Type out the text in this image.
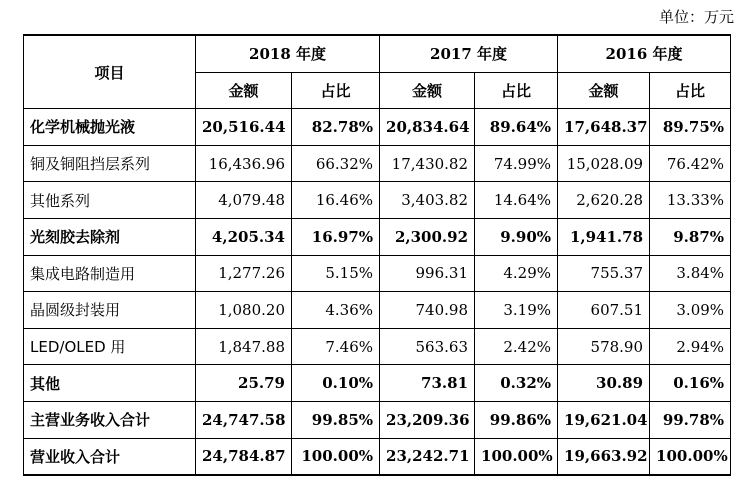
单位：万元
项目	2018 年度		2017 年度		2016 年度	
	金额	占比	金额	占比	金额	占比
化学机械抛光液	20,516.44	82.78%	20,834.64	89.64%	17,648.37	89.75%
铜及铜阻挡层系列	16,436.96	66.32%	17,430.82	74.99%	15,028.09	76.42%
其他系列	4,079.48	16.46%	3,403.82	14.64%	2,620.28	13.33%
光刻胶去除剂	4,205.34	16.97%	2,300.92	9.90%	1,941.78	9.87%
集成电路制造用	1,277.26	5.15%	996.31	4.29%	755.37	3.84%
晶圆级封装用	1,080.20	4.36%	740.98	3.19%	607.51	3.09%
LED/OLED 用	1,847.88	7.46%	563.63	2.42%	578.90	2.94%
其他	25.79	0.10%	73.81	0.32%	30.89	0.16%
主营业务收入合计	24,747.58	99.85%	23,209.36	99.86%	19,621.04	99.78%
营业收入合计	24,784.87	100.00%	23,242.71	100.00%	19,663.92	100.00%
